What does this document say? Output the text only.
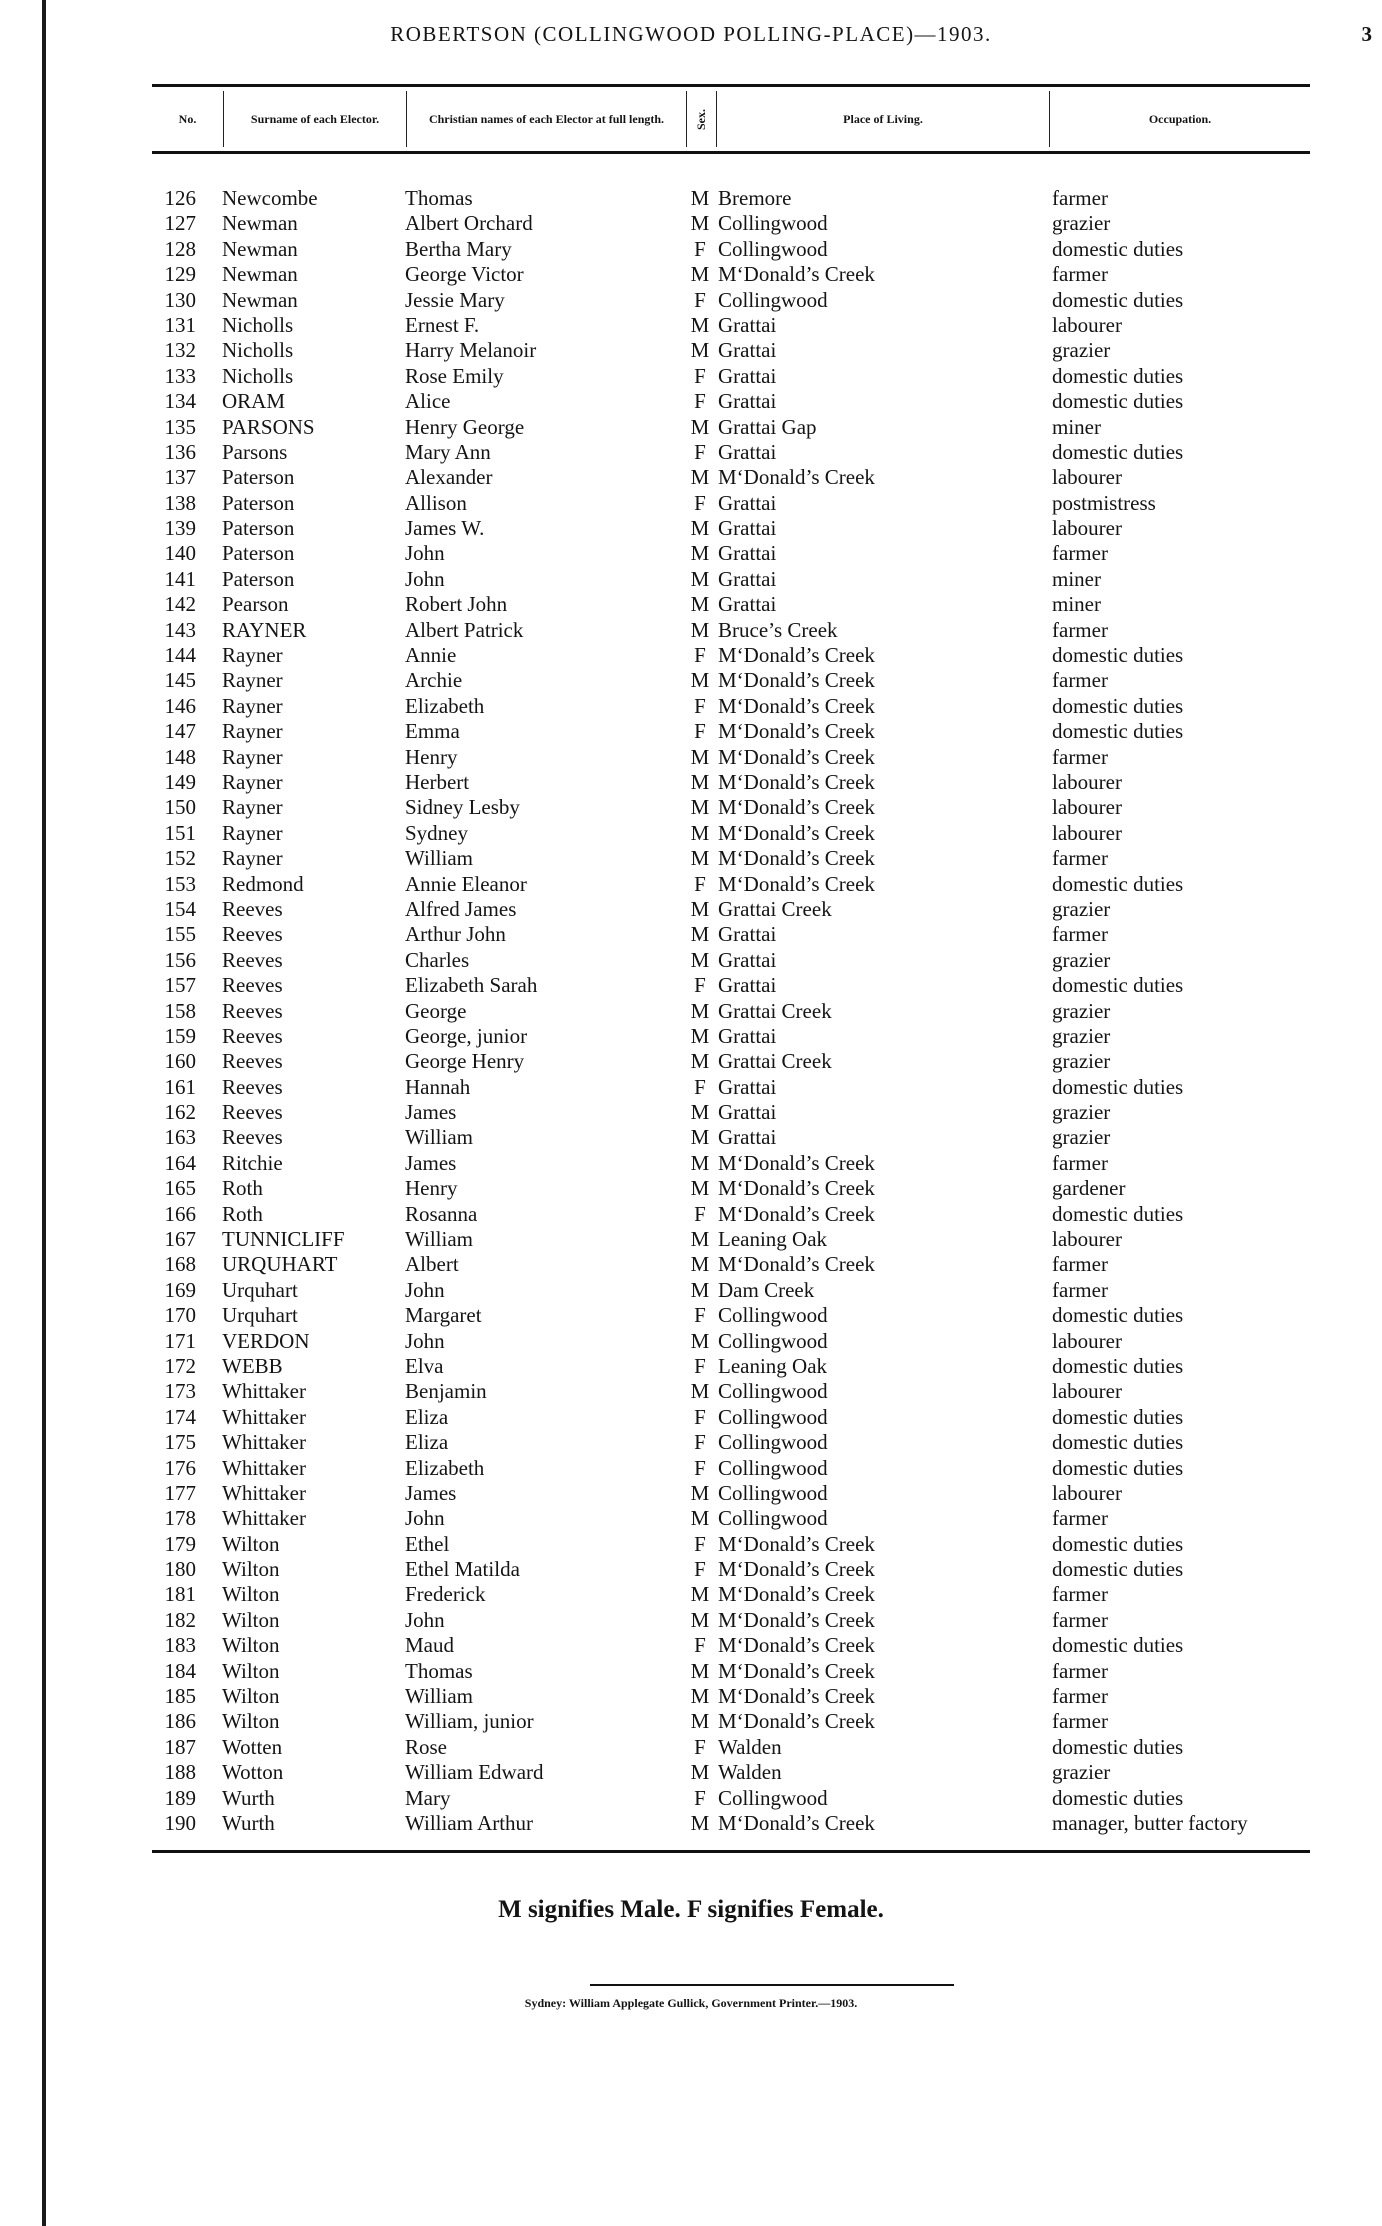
ROBERTSON (COLLINGWOOD POLLING-PLACE)—1903.	3
No.	Surname of each Elector.	Christian names of each Elector at full length. Sex.	Place of Living.	Occupation.
126 Newcombe	Thomas	M Bremore	farmer
127 Newman	Albert Orchard	M Collingwood	grazier
128 Newman	Bertha Mary	F Collingwood	domestic duties
129 Newman	George Victor	M M‘Donald’s Creek	farmer
130 Newman	Jessie Mary	F Collingwood	domestic duties
131 Nicholls	Ernest F.	M Grattai	labourer
132 Nicholls	Harry Melanoir	M Grattai	grazier
133 Nicholls	Rose Emily	F Grattai	domestic duties
134 ORAM	Alice	F Grattai	domestic duties
135 PARSONS	Henry George	M Grattai Gap	miner
136 Parsons	Mary Ann	F Grattai	domestic duties
137 Paterson	Alexander	M M‘Donald’s Creek	labourer
138 Paterson	Allison	F Grattai	postmistress
139 Paterson	James W.	M Grattai	labourer
140 Paterson	John	M Grattai	farmer
141 Paterson	John	M Grattai	miner
142 Pearson	Robert John	M Grattai	miner
143 RAYNER	Albert Patrick	M Bruce’s Creek	farmer
144 Rayner	Annie	F M‘Donald’s Creek	domestic duties
145 Rayner	Archie	M M‘Donald’s Creek	farmer
146 Rayner	Elizabeth	F M‘Donald’s Creek	domestic duties
147 Rayner	Emma	F M‘Donald’s Creek	domestic duties
148 Rayner	Henry	M M‘Donald’s Creek	farmer
149 Rayner	Herbert	M M‘Donald’s Creek	labourer
150 Rayner	Sidney Lesby	M M‘Donald’s Creek	labourer
151 Rayner	Sydney	M M‘Donald’s Creek	labourer
152 Rayner	William	M M‘Donald’s Creek	farmer
153 Redmond	Annie Eleanor	F M‘Donald’s Creek	domestic duties
154 Reeves	Alfred James	M Grattai Creek	grazier
155 Reeves	Arthur John	M Grattai	farmer
156 Reeves	Charles	M Grattai	grazier
157 Reeves	Elizabeth Sarah	F Grattai	domestic duties
158 Reeves	George	M Grattai Creek	grazier
159 Reeves	George, junior	M Grattai	grazier
160 Reeves	George Henry	M Grattai Creek	grazier
161 Reeves	Hannah	F Grattai	domestic duties
162 Reeves	James	M Grattai	grazier
163 Reeves	William	M Grattai	grazier
164 Ritchie	James	M M‘Donald’s Creek	farmer
165 Roth	Henry	M M‘Donald’s Creek	gardener
166 Roth	Rosanna	F M‘Donald’s Creek	domestic duties
167 TUNNICLIFF	William	M Leaning Oak	labourer
168 URQUHART	Albert	M M‘Donald’s Creek	farmer
169 Urquhart	John	M Dam Creek	farmer
170 Urquhart	Margaret	F Collingwood	domestic duties
171 VERDON	John	M Collingwood	labourer
172 WEBB	Elva	F Leaning Oak	domestic duties
173 Whittaker	Benjamin	M Collingwood	labourer
174 Whittaker	Eliza	F Collingwood	domestic duties
175 Whittaker	Eliza	F Collingwood	domestic duties
176 Whittaker	Elizabeth	F Collingwood	domestic duties
177 Whittaker	James	M Collingwood	labourer
178 Whittaker	John	M Collingwood	farmer
179 Wilton	Ethel	F M‘Donald’s Creek	domestic duties
180 Wilton	Ethel Matilda	F M‘Donald’s Creek	domestic duties
181 Wilton	Frederick	M M‘Donald’s Creek	farmer
182 Wilton	John	M M‘Donald’s Creek	farmer
183 Wilton	Maud	F M‘Donald’s Creek	domestic duties
184 Wilton	Thomas	M M‘Donald’s Creek	farmer
185 Wilton	William	M M‘Donald’s Creek	farmer
186 Wilton	William, junior	M M‘Donald’s Creek	farmer
187 Wotten	Rose	F Walden	domestic duties
188 Wotton	William Edward	M Walden	grazier
189 Wurth	Mary	F Collingwood	domestic duties
190 Wurth	William Arthur	M M‘Donald’s Creek	manager, butter factory
M signifies Male. F signifies Female.
Sydney: William Applegate Gullick, Government Printer.—1903.
